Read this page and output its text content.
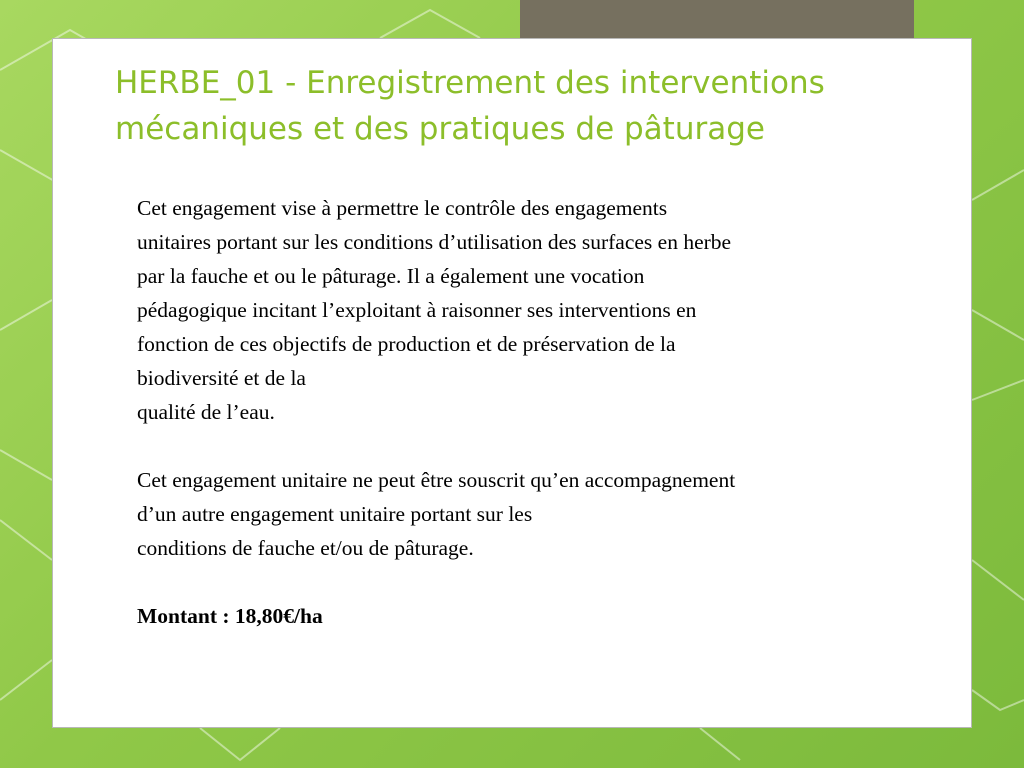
HERBE_01 - Enregistrement des interventions
mécaniques et des pratiques de pâturage

Cet engagement vise à permettre le contrôle des engagements
unitaires portant sur les conditions d’utilisation des surfaces en herbe
par la fauche et ou le pâturage. Il a également une vocation
pédagogique incitant l’exploitant à raisonner ses interventions en
fonction de ces objectifs de production et de préservation de la
biodiversité et de la
qualité de l’eau.

Cet engagement unitaire ne peut être souscrit qu’en accompagnement
d’un autre engagement unitaire portant sur les
conditions de fauche et/ou de pâturage.

Montant : 18,80€/ha
